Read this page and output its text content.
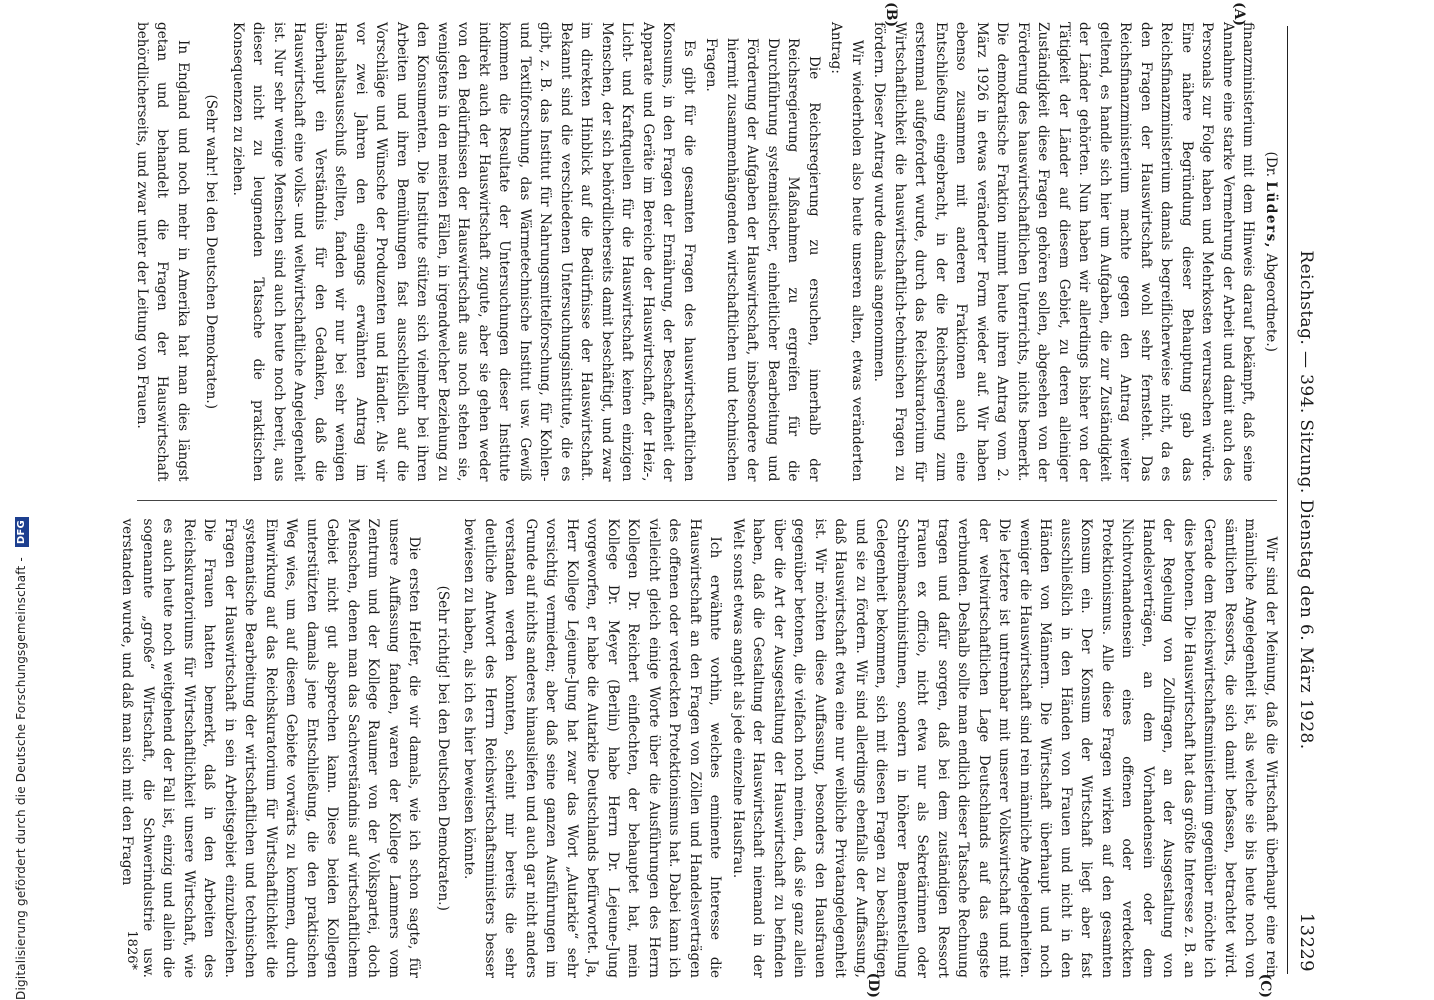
Digitalisierung gefördert durch die Deutsche Forschungsgemeinschaft - DFG	Reichstag. — 394. Sitzung. Dienstag den 6. März 1928.
13229
(A)
(B)

(Dr. Lüders, Abgeordnete.)

finanzministerium mit dem Hinweis darauf bekämpft, daß seine Annahme eine starke Vermehrung der Arbeit und damit auch des Personals zur Folge haben und Mehrkosten verursachen würde. Eine nähere Begründung dieser Behauptung gab das Reichsfinanzministerium damals begreiflicherweise nicht, da es den Fragen der Hauswirtschaft wohl sehr fernsteht. Das Reichsfinanzministerium machte gegen den Antrag weiter geltend, es handle sich hier um Aufgaben, die zur Zuständigkeit der Länder gehörten. Nun haben wir allerdings bisher von der Tätigkeit der Länder auf diesem Gebiet, zu deren alleiniger Zuständigkeit diese Fragen gehören sollen, abgesehen von der Förderung des hauswirtschaftlichen Unterrichts, nichts bemerkt. Die demokratische Fraktion nimmt heute ihren Antrag vom 2. März 1926 in etwas veränderter Form wieder auf. Wir haben ebenso zusammen mit anderen Fraktionen auch eine Entschließung eingebracht, in der die Reichsregierung zum erstenmal aufgefordert wurde, durch das Reichskuratorium für Wirtschaftlichkeit die hauswirtschaftlich-technischen Fragen zu fördern. Dieser Antrag wurde damals angenommen.

Wir wiederholen also heute unseren alten, etwas veränderten Antrag:

Die Reichsregierung zu ersuchen, innerhalb der Reichsregierung Maßnahmen zu ergreifen für die Durchführung systematischer, einheitlicher Bearbeitung und Förderung der Aufgaben der Hauswirtschaft, insbesondere der hiermit zusammenhängenden wirtschaftlichen und technischen Fragen.

Es gibt für die gesamten Fragen des hauswirtschaftlichen Konsums, in den Fragen der Ernährung, der Beschaffenheit der Apparate und Geräte im Bereiche der Hauswirtschaft, der Heiz-, Licht- und Kraftquellen für die Hauswirtschaft keinen einzigen Menschen, der sich behördlicherseits damit beschäftigt, und zwar im direkten Hinblick auf die Bedürfnisse der Hauswirtschaft. Bekannt sind die verschiedenen Untersuchungsinstitute, die es gibt, z. B. das Institut für Nahrungsmittelforschung, für Kohlen- und Textilforschung, das Wärmetechnische Institut usw. Gewiß kommen die Resultate der Untersuchungen dieser Institute indirekt auch der Hauswirtschaft zugute, aber sie gehen weder von den Bedürfnissen der Hauswirtschaft aus noch stehen sie, wenigstens in den meisten Fällen, in irgendwelcher Beziehung zu den Konsumenten. Die Institute stützen sich vielmehr bei ihren Arbeiten und ihren Bemühungen fast ausschließlich auf die Vorschläge und Wünsche der Produzenten und Händler. Als wir vor zwei Jahren den eingangs erwähnten Antrag im Haushaltsausschuß stellten, fanden wir nur bei sehr wenigen überhaupt ein Verständnis für den Gedanken, daß die Hauswirtschaft eine volks- und weltwirtschaftliche Angelegenheit ist. Nur sehr wenige Menschen sind auch heute noch bereit, aus dieser nicht zu leugnenden Tatsache die praktischen Konsequenzen zu ziehen.

(Sehr wahr! bei den Deutschen Demokraten.)

In England und noch mehr in Amerika hat man dies längst getan und behandelt die Fragen der Hauswirtschaft behördlicherseits, und zwar unter der Leitung von Frauen.

(C)
(D)

Wir sind der Meinung, daß die Wirtschaft überhaupt eine rein männliche Angelegenheit ist, als welche sie bis heute noch von sämtlichen Ressorts, die sich damit befassen, betrachtet wird. Gerade dem Reichswirtschaftsministerium gegenüber möchte ich dies betonen. Die Hauswirtschaft hat das größte Interesse z. B. an der Regelung von Zollfragen, an der Ausgestaltung von Handelsverträgen, an dem Vorhandensein oder dem Nichtvorhandensein eines offenen oder verdeckten Protektionismus. Alle diese Fragen wirken auf den gesamten Konsum ein. Der Konsum der Wirtschaft liegt aber fast ausschließlich in den Händen von Frauen und nicht in den Händen von Männern. Die Wirtschaft überhaupt und noch weniger die Hauswirtschaft sind rein männliche Angelegenheiten. Die letztere ist untrennbar mit unserer Volkswirtschaft und mit der weltwirtschaftlichen Lage Deutschlands auf das engste verbunden. Deshalb sollte man endlich dieser Tatsache Rechnung tragen und dafür sorgen, daß bei dem zuständigen Ressort Frauen ex officio, nicht etwa nur als Sekretärinnen oder Schreibmaschinistinnen, sondern in höherer Beamtenstellung Gelegenheit bekommen, sich mit diesen Fragen zu beschäftigen und sie zu fördern. Wir sind allerdings ebenfalls der Auffassung, daß Hauswirtschaft etwa eine nur weibliche Privatangelegenheit ist. Wir möchten diese Auffassung, besonders den Hausfrauen gegenüber betonen, die vielfach noch meinen, daß sie ganz allein über die Art der Ausgestaltung der Hauswirtschaft zu befinden haben, daß die Gestaltung der Hauswirtschaft niemand in der Welt sonst etwas angeht als jede einzelne Hausfrau.

Ich erwähnte vorhin, welches eminente Interesse die Hauswirtschaft an den Fragen von Zöllen und Handelsverträgen des offenen oder verdeckten Protektionismus hat. Dabei kann ich vielleicht gleich einige Worte über die Ausführungen des Herrn Kollegen Dr. Reichert einflechten, der behauptet hat, mein Kollege Dr. Meyer (Berlin) habe Herrn Dr. Lejeune-Jung vorgeworfen, er habe die Autarkie Deutschlands befürwortet. Ja, Herr Kollege Lejeune-Jung hat zwar das Wort „Autarkie“ sehr vorsichtig vermieden; aber daß seine ganzen Ausführungen im Grunde auf nichts anderes hinausliefen und auch gar nicht anders verstanden werden konnten, scheint mir bereits die sehr deutliche Antwort des Herrn Reichswirtschaftsministers besser bewiesen zu haben, als ich es hier beweisen könnte.

(Sehr richtig! bei den Deutschen Demokraten.)

Die ersten Helfer, die wir damals, wie ich schon sagte, für unsere Auffassung fanden, waren der Kollege Lammers vom Zentrum und der Kollege Raumer von der Volkspartei, doch Menschen, denen man das Sachverständnis auf wirtschaftlichem Gebiet nicht gut absprechen kann. Diese beiden Kollegen unterstützten damals jene Entschließung, die den praktischen Weg wies, um auf diesem Gebiete vorwärts zu kommen, durch Einwirkung auf das Reichskuratorium für Wirtschaftlichkeit die systematische Bearbeitung der wirtschaftlichen und technischen Fragen der Hauswirtschaft in sein Arbeitsgebiet einzubeziehen. Die Frauen hatten bemerkt, daß in den Arbeiten des Reichskuratoriums für Wirtschaftlichkeit unsere Wirtschaft, wie es auch heute noch weitgehend der Fall ist, einzig und allein die sogenannte „große“ Wirtschaft, die Schwerindustrie usw. verstanden wurde, und daß man sich mit den Fragen

1826*
